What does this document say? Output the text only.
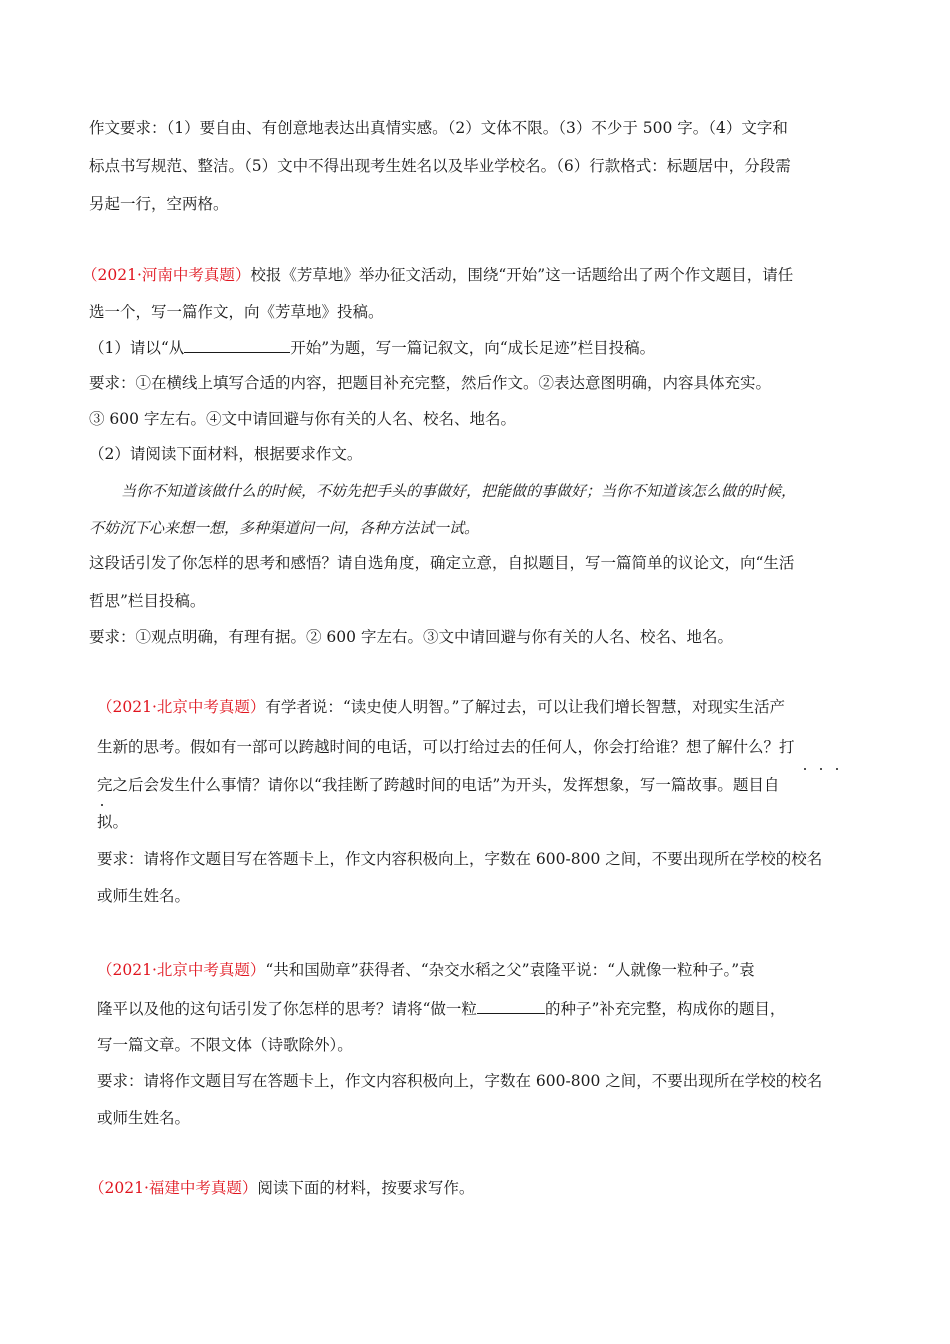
作文要求：（1）要自由、有创意地表达出真情实感。（2）文体不限。（3）不少于 500 字。（4）文字和
标点书写规范、整洁。（5）文中不得出现考生姓名以及毕业学校名。（6）行款格式：标题居中，分段需
另起一行，空两格。
（2021·河南中考真题）校报《芳草地》举办征文活动，围绕“开始”这一话题给出了两个作文题目，请任
选一个，写一篇作文，向《芳草地》投稿。
（1）请以“从	开始”为题，写一篇记叙文，向“成长足迹”栏目投稿。
要求：①在横线上填写合适的内容，把题目补充完整，然后作文。②表达意图明确，内容具体充实。
③ 600 字左右。④文中请回避与你有关的人名、校名、地名。
（2）请阅读下面材料，根据要求作文。
当你不知道该做什么的时候，不妨先把手头的事做好，把能做的事做好；当你不知道该怎么做的时候，
不妨沉下心来想一想，多种渠道问一问，各种方法试一试。
这段话引发了你怎样的思考和感悟？请自选角度，确定立意，自拟题目，写一篇简单的议论文，向“生活
哲思”栏目投稿。
要求：①观点明确，有理有据。② 600 字左右。③文中请回避与你有关的人名、校名、地名。
（2021·北京中考真题）有学者说：“读史使人明智。”了解过去，可以让我们增长智慧，对现实生活产
生新的思考。假如有一部可以跨越时间的电话，可以打给过去的任何人，你会打给谁？想了解什么？打
完之后会发生什么事情？请你以“我挂断了跨越时间的电话”为开头，发挥想象，写一篇故事。题目自
拟。
要求：请将作文题目写在答题卡上，作文内容积极向上，字数在 600-800 之间，不要出现所在学校的校名
或师生姓名。
（2021·北京中考真题）“共和国勋章”获得者、“杂交水稻之父”袁隆平说：“人就像一粒种子。”袁
隆平以及他的这句话引发了你怎样的思考？请将“做一粒	的种子”补充完整，构成你的题目，
写一篇文章。不限文体（诗歌除外）。
要求：请将作文题目写在答题卡上，作文内容积极向上，字数在 600-800 之间，不要出现所在学校的校名
或师生姓名。
（2021·福建中考真题）阅读下面的材料，按要求写作。
